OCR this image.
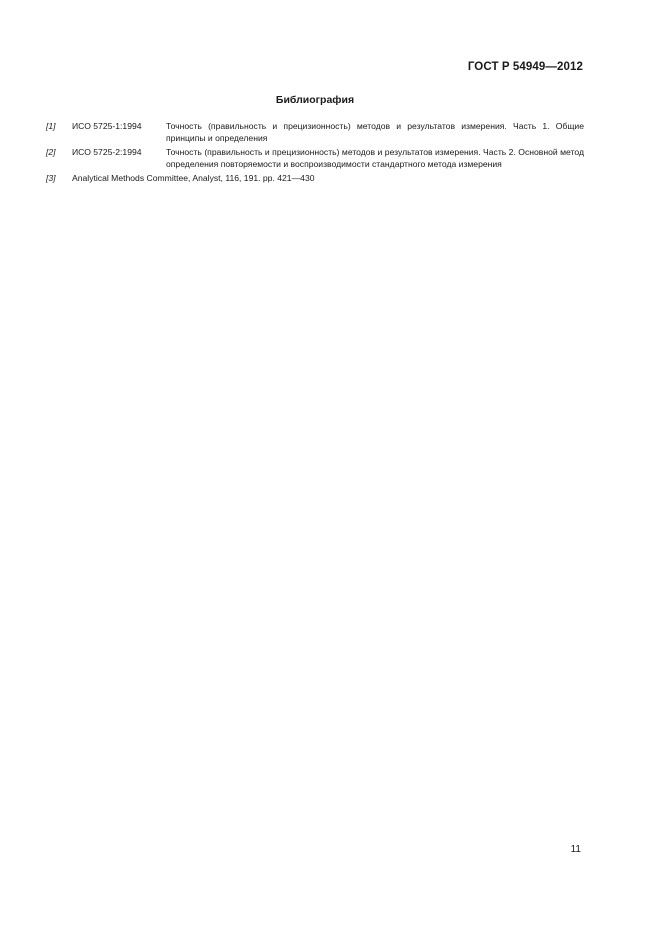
ГОСТ Р 54949—2012
Библиография
[1] ИСО 5725-1:1994	Точность (правильность и прецизионность) методов и результатов измерения. Часть 1. Общие принципы и определения
[2] ИСО 5725-2:1994	Точность (правильность и прецизионность) методов и результатов измерения. Часть 2. Основной метод определения повторяемости и воспроизводимости стандартного метода измерения
[3] Analytical Methods Committee, Analyst, 116, 191. pp. 421—430
11
